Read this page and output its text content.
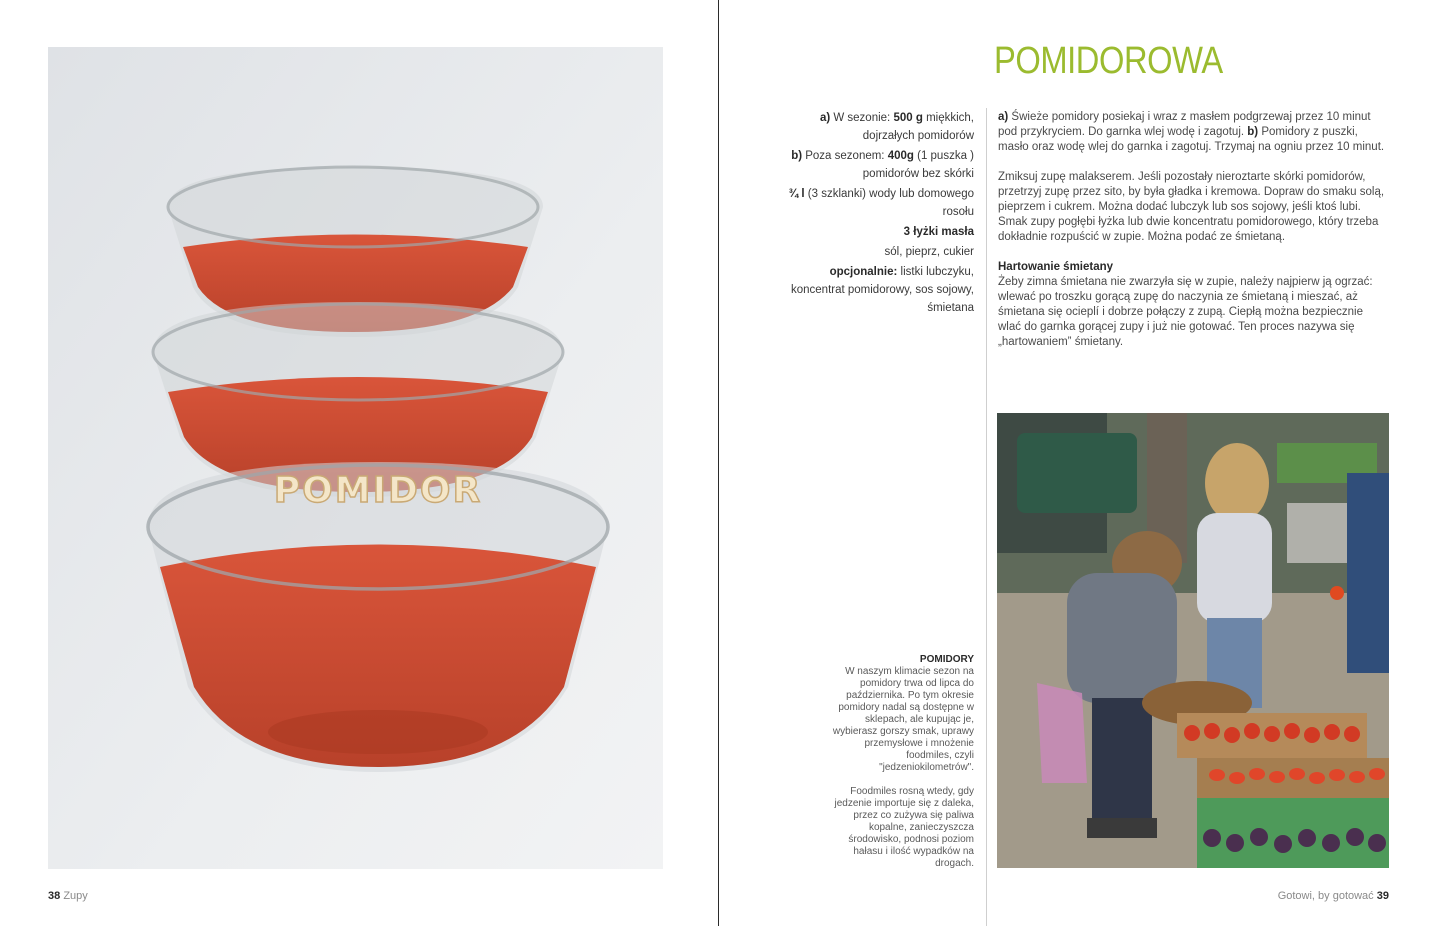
POMIDOR
38 Zupy
POMIDOROWA

a) W sezonie: 500 g miękkich, dojrzałych pomidorów

b) Poza sezonem: 400g (1 puszka ) pomidorów bez skórki

¾ l (3 szklanki) wody lub domowego rosołu

3 łyżki masła

sól, pieprz, cukier

opcjonalnie: listki lubczyku, koncentrat pomidorowy, sos sojowy, śmietana

a) Świeże pomidory posiekaj i wraz z masłem podgrzewaj przez 10 minut pod przykryciem. Do garnka wlej wodę i zagotuj. b) Pomidory z puszki, masło oraz wodę wlej do garnka i zagotuj. Trzymaj na ogniu przez 10 minut.

Zmiksuj zupę malakserem. Jeśli pozostały nieroztarte skórki pomidorów, przetrzyj zupę przez sito, by była gładka i kremowa. Dopraw do smaku solą, pieprzem i cukrem. Można dodać lubczyk lub sos sojowy, jeśli ktoś lubi. Smak zupy pogłębi łyżka lub dwie koncentratu pomidorowego, który trzeba dokładnie rozpuścić w zupie. Można podać ze śmietaną.

Hartowanie śmietany

Żeby zimna śmietana nie zwarzyła się w zupie, należy najpierw ją ogrzać: wlewać po troszku gorącą zupę do naczynia ze śmietaną i mieszać, aż śmietana się ocieplí i dobrze połączy z zupą. Ciepłą można bezpiecznie wlać do garnka gorącej zupy i już nie gotować. Ten proces nazywa się „hartowaniem” śmietany.

POMIDORY

W naszym klimacie sezon na pomidory trwa od lipca do października. Po tym okresie pomidory nadal są dostępne w sklepach, ale kupując je, wybierasz gorszy smak, uprawy przemysłowe i mnożenie foodmiles, czyli "jedzeniokilometrów".

Foodmiles rosną wtedy, gdy jedzenie importuje się z daleka, przez co zużywa się paliwa kopalne, zanieczyszcza środowisko, podnosi poziom hałasu i ilość wypadków na drogach.

Gotowi, by gotować 39
